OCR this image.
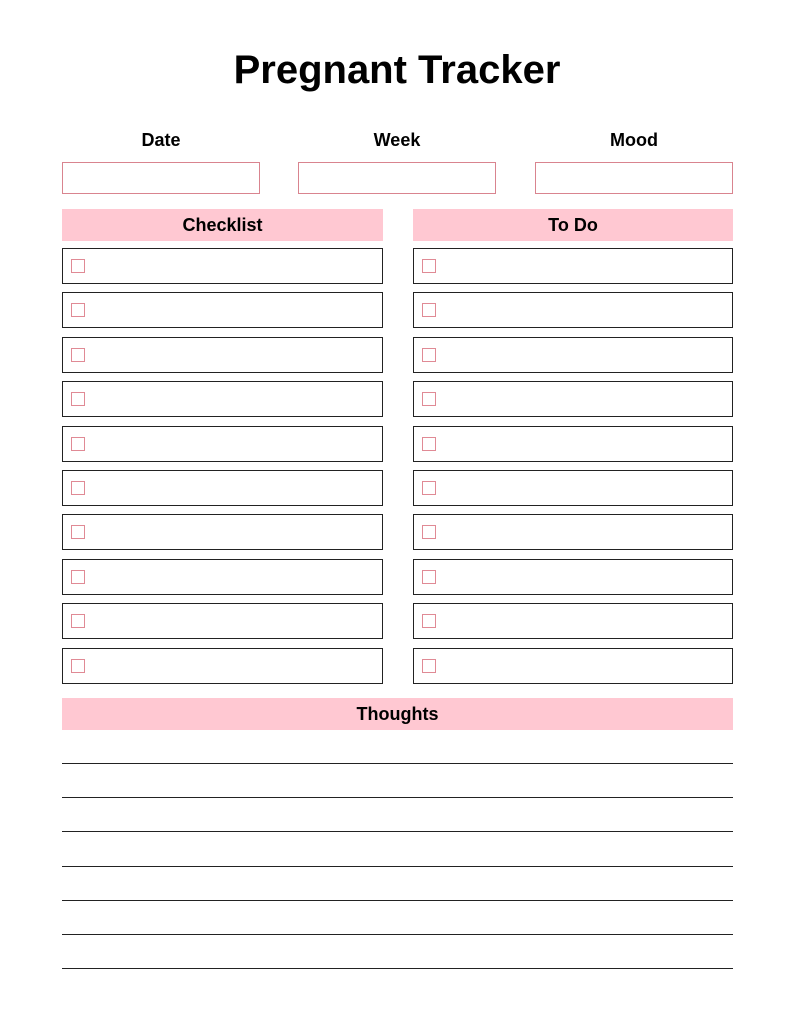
Pregnant Tracker
Date	Week	Mood
Checklist	To Do
Thoughts
